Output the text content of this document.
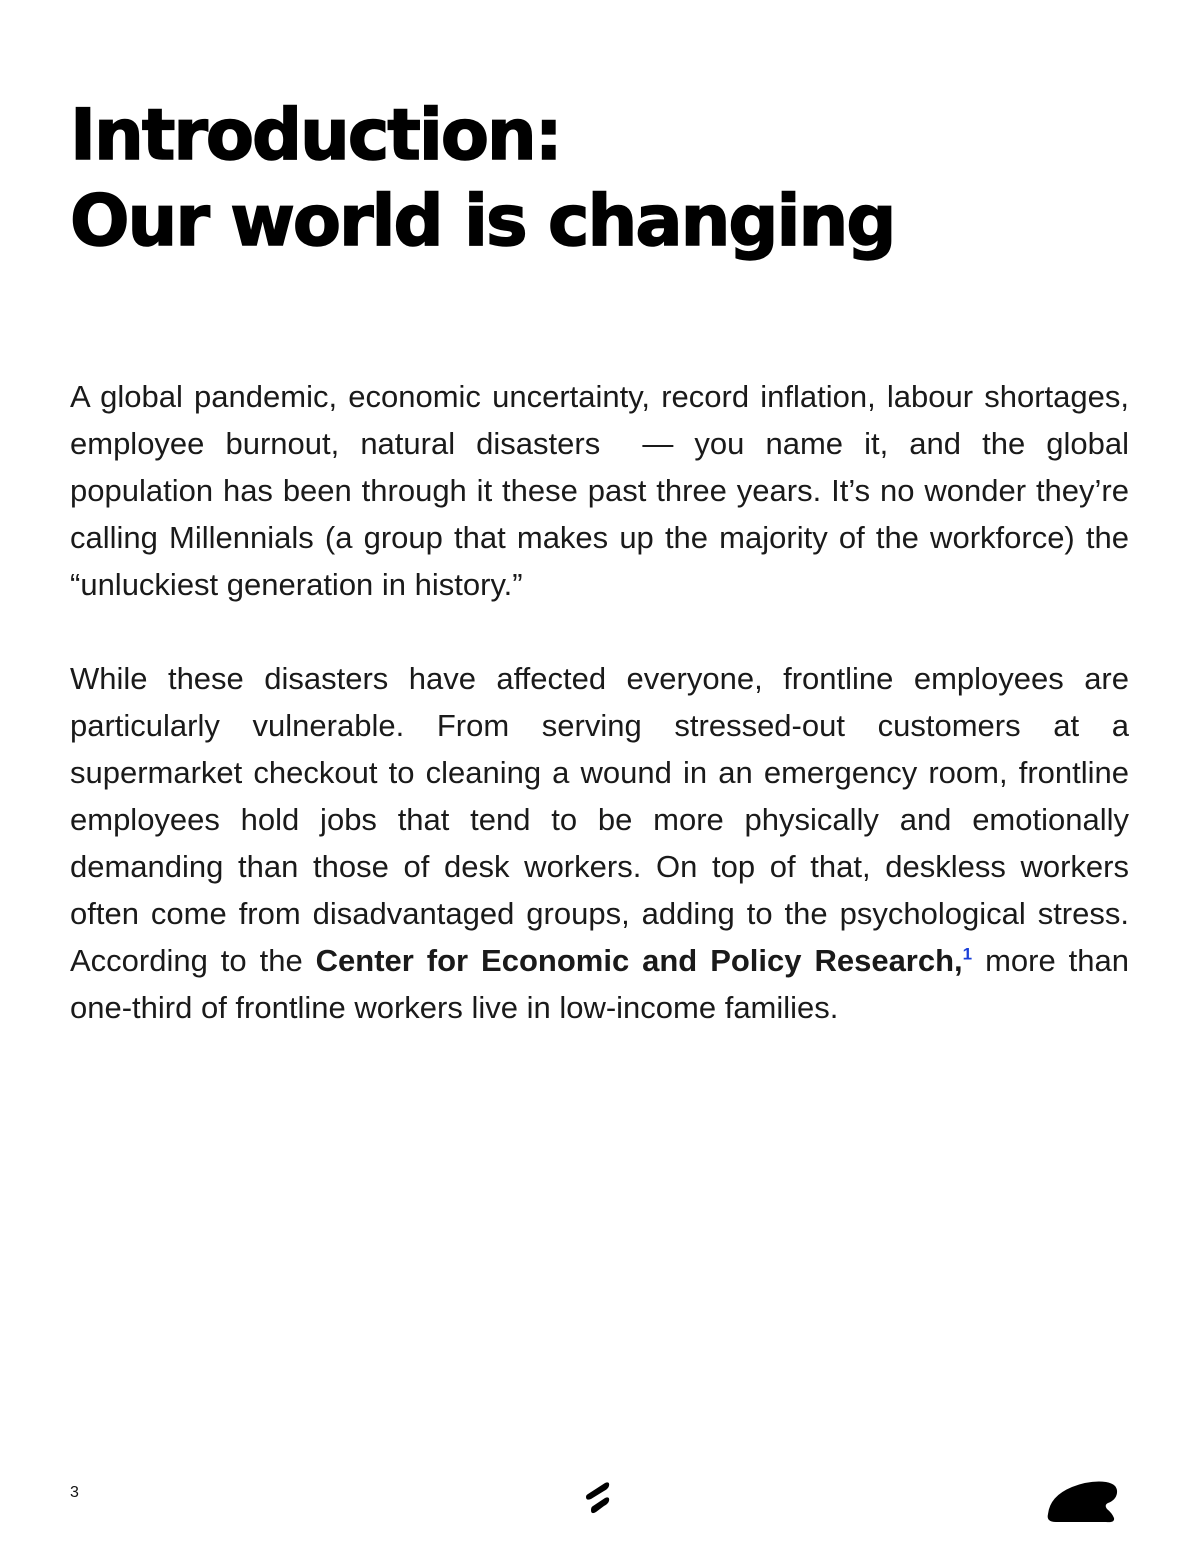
Introduction:
Our world is changing

A global pandemic, economic uncertainty, record inflation, labour shortages, employee burnout, natural disasters  — you name it, and the global population has been through it these past three years. It’s no wonder they’re calling Millennials (a group that makes up the majority of the workforce) the “unluckiest generation in history.”

While these disasters have affected everyone, frontline employees are particularly vulnerable. From serving stressed-out customers at a supermarket checkout to cleaning a wound in an emergency room, frontline employees hold jobs that tend to be more physically and emotionally demanding than those of desk workers. On top of that, deskless workers often come from disadvantaged groups, adding to the psychological stress. According to the Center for Economic and Policy Research,$^1$ more than one-third of frontline workers live in low-income families.

3
